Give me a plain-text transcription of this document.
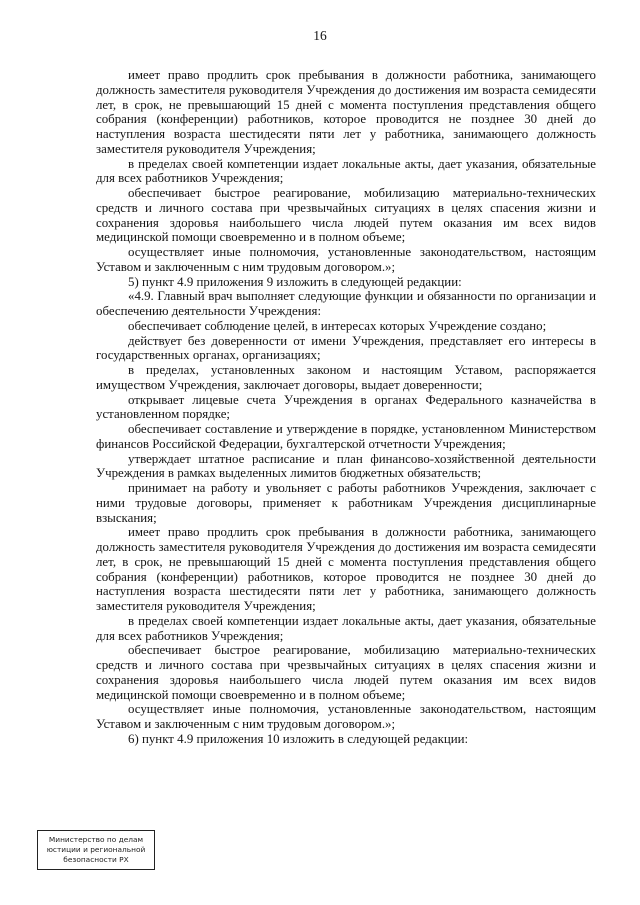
16

имеет право продлить срок пребывания в должности работника, занимающего должность заместителя руководителя Учреждения до достижения им возраста семидесяти лет, в срок, не превышающий 15 дней с момента поступления представления общего собрания (конференции) работников, которое проводится не позднее 30 дней до наступления возраста шестидесяти пяти лет у работника, занимающего должность заместителя руководителя Учреждения;

в пределах своей компетенции издает локальные акты, дает указания, обязательные для всех работников Учреждения;

обеспечивает быстрое реагирование, мобилизацию материально-технических средств и личного состава при чрезвычайных ситуациях в целях спасения жизни и сохранения здоровья наибольшего числа людей путем оказания им всех видов медицинской помощи своевременно и в полном объеме;

осуществляет иные полномочия, установленные законодательством, настоящим Уставом и заключенным с ним трудовым договором.»;

5) пункт 4.9 приложения 9 изложить в следующей редакции:

«4.9. Главный врач выполняет следующие функции и обязанности по организации и обеспечению деятельности Учреждения:

обеспечивает соблюдение целей, в интересах которых Учреждение создано;

действует без доверенности от имени Учреждения, представляет его интересы в государственных органах, организациях;

в пределах, установленных законом и настоящим Уставом, распоряжается имуществом Учреждения, заключает договоры, выдает доверенности;

открывает лицевые счета Учреждения в органах Федерального казначейства в установленном порядке;

обеспечивает составление и утверждение в порядке, установленном Министерством финансов Российской Федерации, бухгалтерской отчетности Учреждения;

утверждает штатное расписание и план финансово-хозяйственной деятельности Учреждения в рамках выделенных лимитов бюджетных обязательств;

принимает на работу и увольняет с работы работников Учреждения, заключает с ними трудовые договоры, применяет к работникам Учреждения дисциплинарные взыскания;

имеет право продлить срок пребывания в должности работника, занимающего должность заместителя руководителя Учреждения до достижения им возраста семидесяти лет, в срок, не превышающий 15 дней с момента поступления представления общего собрания (конференции) работников, которое проводится не позднее 30 дней до наступления возраста шестидесяти пяти лет у работника, занимающего должность заместителя руководителя Учреждения;

в пределах своей компетенции издает локальные акты, дает указания, обязательные для всех работников Учреждения;

обеспечивает быстрое реагирование, мобилизацию материально-технических средств и личного состава при чрезвычайных ситуациях в целях спасения жизни и сохранения здоровья наибольшего числа людей путем оказания им всех видов медицинской помощи своевременно и в полном объеме;

осуществляет иные полномочия, установленные законодательством, настоящим Уставом и заключенным с ним трудовым договором.»;

6) пункт 4.9 приложения 10 изложить в следующей редакции:

Министерство по делам
юстиции и региональной
безопасности РХ
